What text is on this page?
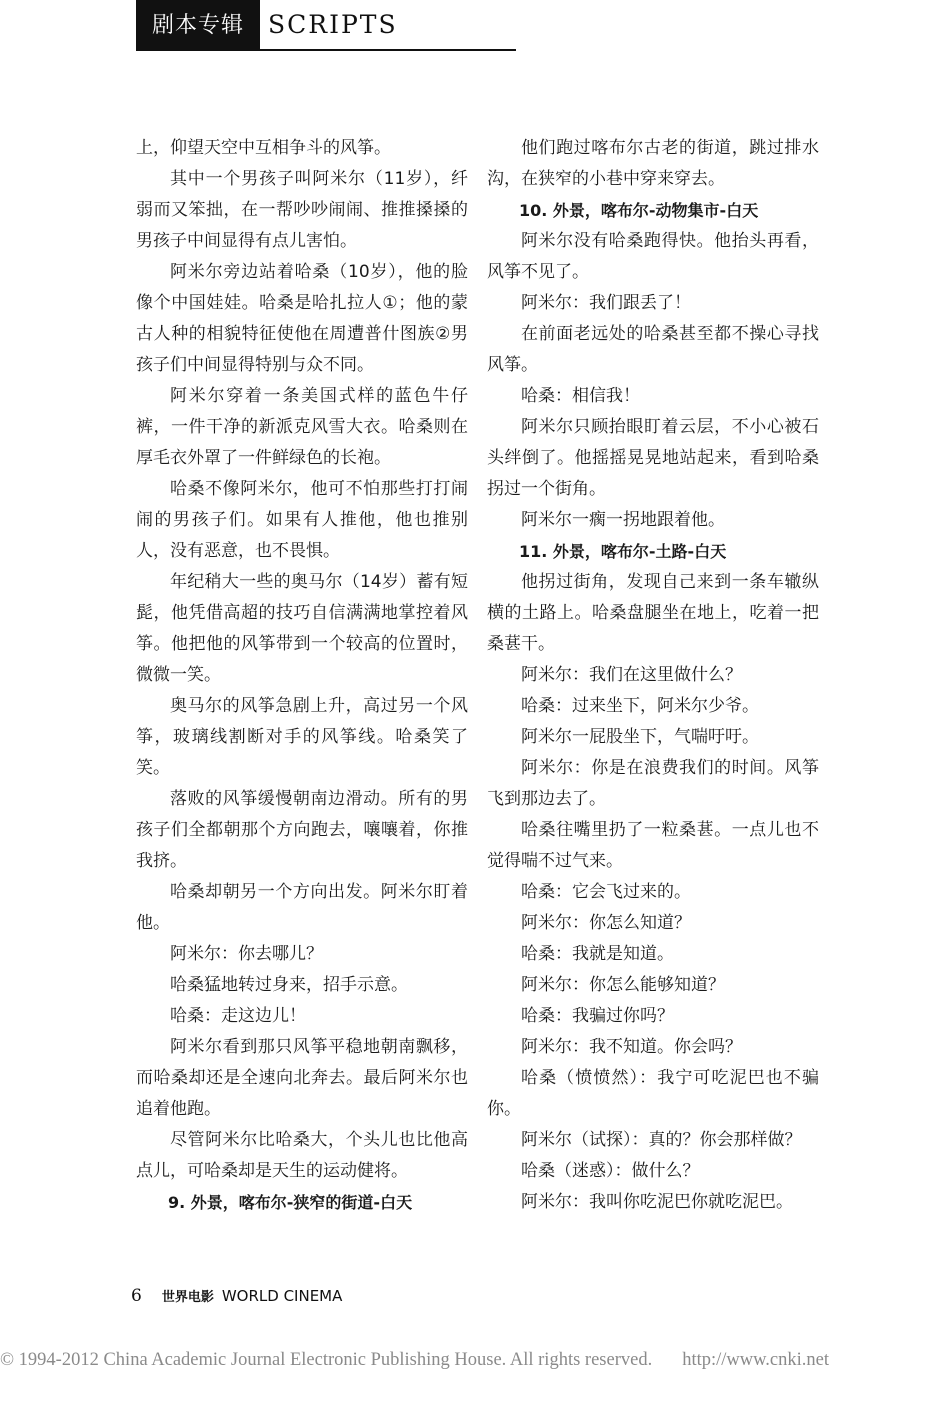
剧本专辑 SCRIPTS

上，仰望天空中互相争斗的风筝。

其中一个男孩子叫阿米尔（11岁），纤弱而又笨拙，在一帮吵吵闹闹、推推搡搡的男孩子中间显得有点儿害怕。

阿米尔旁边站着哈桑（10岁），他的脸像个中国娃娃。哈桑是哈扎拉人①；他的蒙古人种的相貌特征使他在周遭普什图族②男孩子们中间显得特别与众不同。

阿米尔穿着一条美国式样的蓝色牛仔裤，一件干净的新派克风雪大衣。哈桑则在厚毛衣外罩了一件鲜绿色的长袍。

哈桑不像阿米尔，他可不怕那些打打闹闹的男孩子们。如果有人推他，他也推别人，没有恶意，也不畏惧。

年纪稍大一些的奥马尔（14岁）蓄有短髭，他凭借高超的技巧自信满满地掌控着风筝。他把他的风筝带到一个较高的位置时，微微一笑。

奥马尔的风筝急剧上升，高过另一个风筝，玻璃线割断对手的风筝线。哈桑笑了笑。

落败的风筝缓慢朝南边滑动。所有的男孩子们全都朝那个方向跑去，嚷嚷着，你推我挤。

哈桑却朝另一个方向出发。阿米尔盯着他。

阿米尔：你去哪儿？

哈桑猛地转过身来，招手示意。

哈桑：走这边儿！

阿米尔看到那只风筝平稳地朝南飘移，而哈桑却还是全速向北奔去。最后阿米尔也追着他跑。

尽管阿米尔比哈桑大，个头儿也比他高点儿，可哈桑却是天生的运动健将。

9. 外景，喀布尔-狭窄的街道-白天

他们跑过喀布尔古老的街道，跳过排水沟，在狭窄的小巷中穿来穿去。

10. 外景，喀布尔-动物集市-白天

阿米尔没有哈桑跑得快。他抬头再看，风筝不见了。

阿米尔：我们跟丢了！

在前面老远处的哈桑甚至都不操心寻找风筝。

哈桑：相信我！

阿米尔只顾抬眼盯着云层，不小心被石头绊倒了。他摇摇晃晃地站起来，看到哈桑拐过一个街角。

阿米尔一瘸一拐地跟着他。

11. 外景，喀布尔-土路-白天

他拐过街角，发现自己来到一条车辙纵横的土路上。哈桑盘腿坐在地上，吃着一把桑葚干。

阿米尔：我们在这里做什么？

哈桑：过来坐下，阿米尔少爷。

阿米尔一屁股坐下，气喘吁吁。

阿米尔：你是在浪费我们的时间。风筝飞到那边去了。

哈桑往嘴里扔了一粒桑葚。一点儿也不觉得喘不过气来。

哈桑：它会飞过来的。

阿米尔：你怎么知道？

哈桑：我就是知道。

阿米尔：你怎么能够知道？

哈桑：我骗过你吗？

阿米尔：我不知道。你会吗？

哈桑（愤愤然）：我宁可吃泥巴也不骗你。

阿米尔（试探）：真的？你会那样做？

哈桑（迷惑）：做什么？

阿米尔：我叫你吃泥巴你就吃泥巴。

6 世界电影 WORLD CINEMA
© 1994-2012 China Academic Journal Electronic Publishing House. All rights reserved. http://www.cnki.net
